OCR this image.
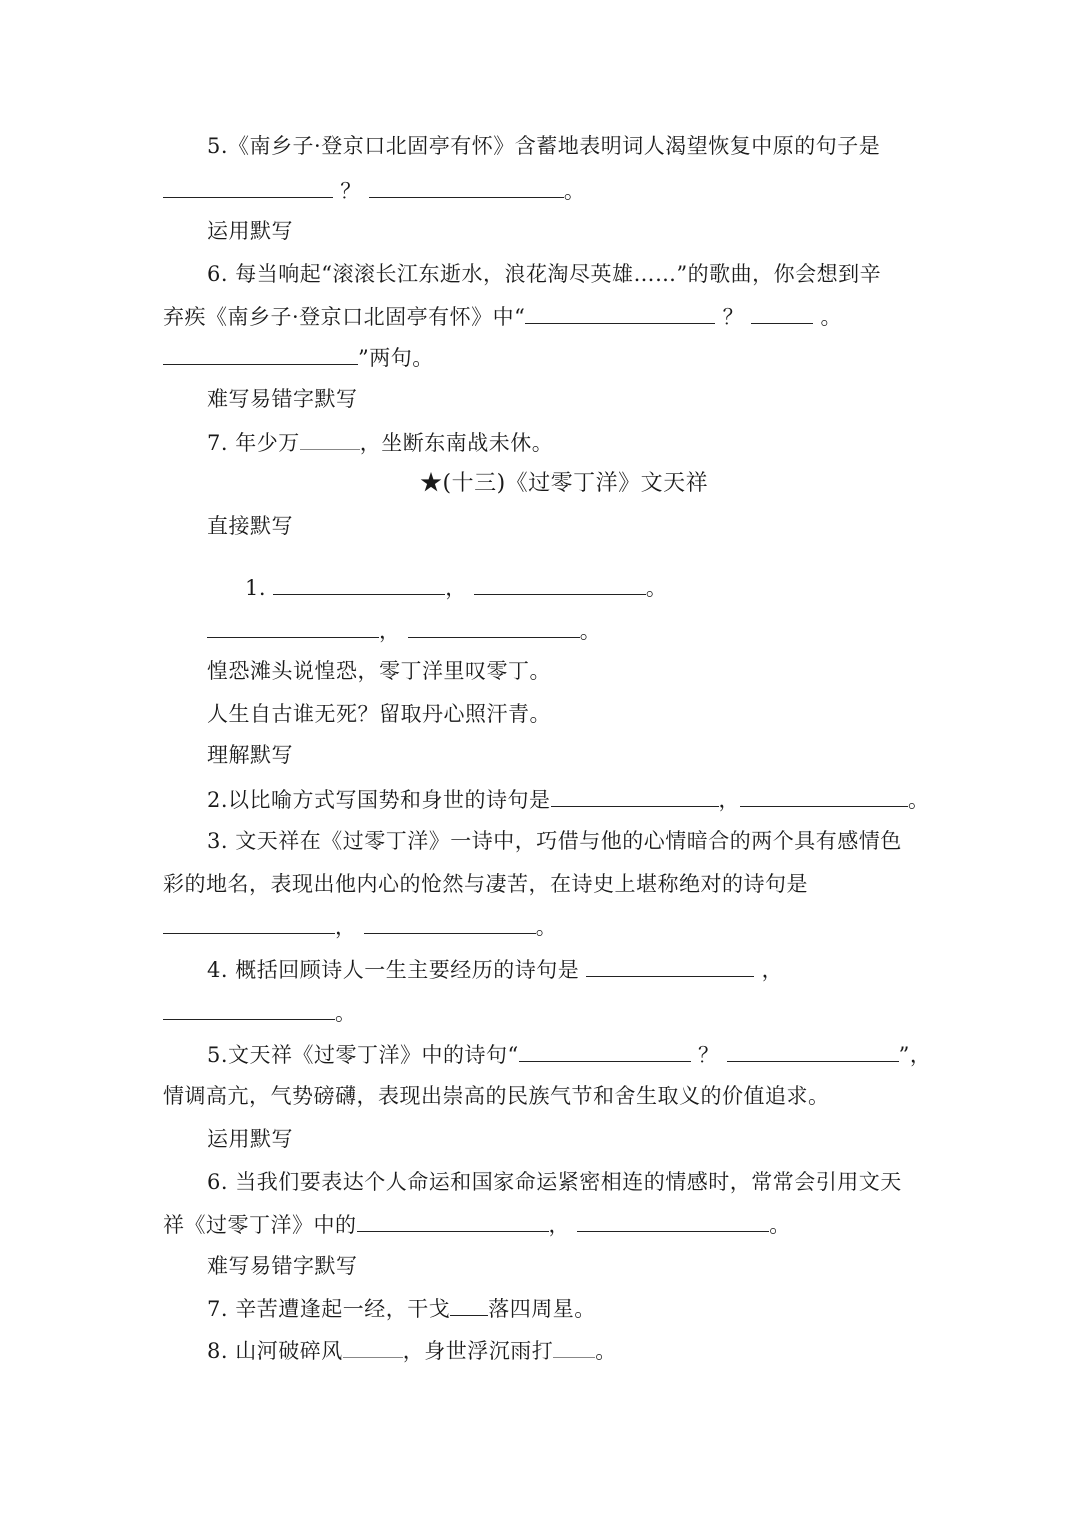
5.《南乡子·登京口北固亭有怀》含蓄地表明词人渴望恢复中原的句子是
？	。
运用默写
6. 每当响起“滚滚长江东逝水，浪花淘尽英雄……”的歌曲，你会想到辛
弃疾《南乡子·登京口北固亭有怀》中“	？	。
”两句。
难写易错字默写
7. 年少万	，坐断东南战未休。
★(十三)《过零丁洋》文天祥
直接默写
1.	，	。
，	。
惶恐滩头说惶恐，零丁洋里叹零丁。
人生自古谁无死？留取丹心照汗青。
理解默写
2.以比喻方式写国势和身世的诗句是	，	。
3. 文天祥在《过零丁洋》一诗中，巧借与他的心情暗合的两个具有感情色
彩的地名，表现出他内心的怆然与凄苦，在诗史上堪称绝对的诗句是
，	。
4. 概括回顾诗人一生主要经历的诗句是	，
。
5.文天祥《过零丁洋》中的诗句“	？	”，
情调高亢，气势磅礴，表现出崇高的民族气节和舍生取义的价值追求。
运用默写
6. 当我们要表达个人命运和国家命运紧密相连的情感时，常常会引用文天
祥《过零丁洋》中的	，	。
难写易错字默写
7. 辛苦遭逢起一经，干戈 落四周星。
8. 山河破碎风	，身世浮沉雨打 。
